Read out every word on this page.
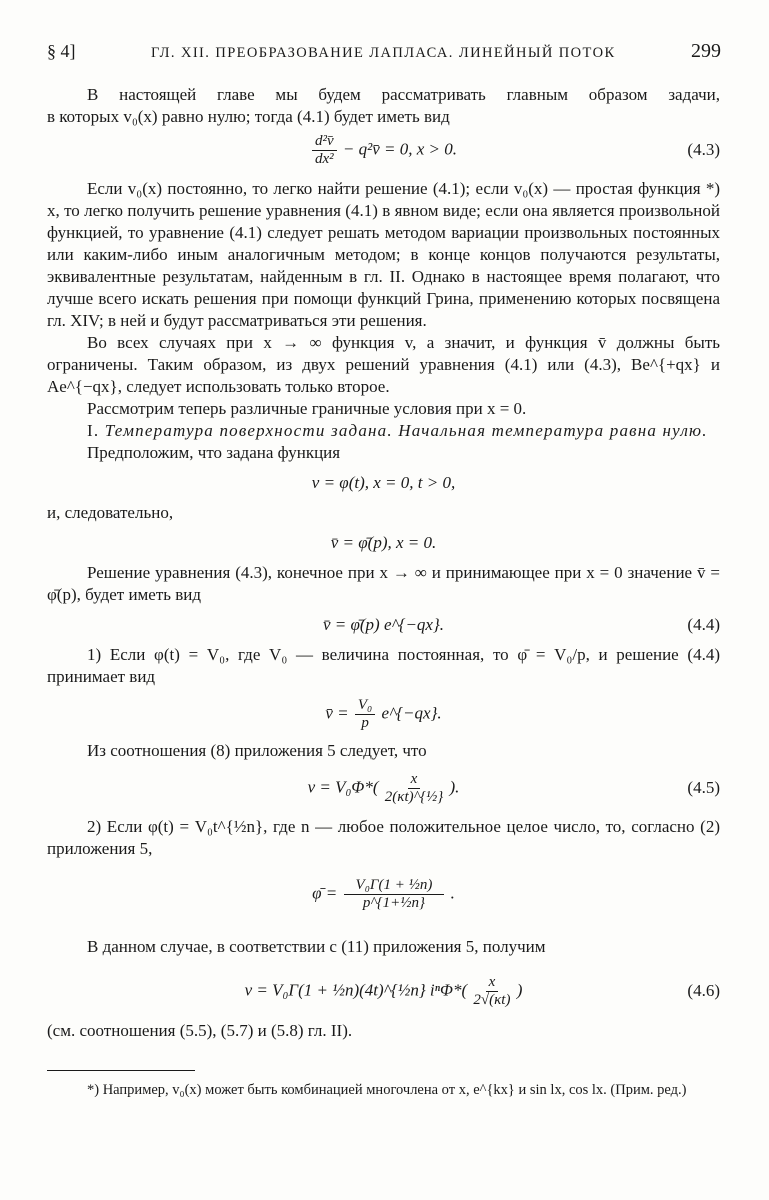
§ 4]	ГЛ. XII. ПРЕОБРАЗОВАНИЕ ЛАПЛАСА. ЛИНЕЙНЫЙ ПОТОК	299

В настоящей главе мы будем рассматривать главным образом задачи,

в которых v₀(x) равно нулю; тогда (4.1) будет иметь вид

$\frac{\text{d²v̄}}{\text{dx²}}$ − q²v̄ = 0, x > 0.	(4.3)

Если v₀(x) постоянно, то легко найти решение (4.1); если v₀(x) — простая функция *) x, то легко получить решение уравнения (4.1) в явном виде; если она является произвольной функцией, то уравнение (4.1) следует решать методом вариации произвольных постоянных или каким-либо иным аналогичным методом; в конце концов получаются результаты, эквивалентные результатам, найденным в гл. II. Однако в настоящее время полагают, что лучше всего искать решения при помощи функций Грина, применению которых посвящена гл. XIV; в ней и будут рассматриваться эти решения.

Во всех случаях при x → ∞ функция v, а значит, и функция v̄ должны быть ограничены. Таким образом, из двух решений уравнения (4.1) или (4.3), Be^{+qx} и Ae^{−qx}, следует использовать только второе.

Рассмотрим теперь различные граничные условия при x = 0.

I. Температура поверхности задана. Начальная температура равна нулю.

Предположим, что задана функция

v = φ(t), x = 0, t > 0,

и, следовательно,

v̄ = φ̄(p), x = 0.

Решение уравнения (4.3), конечное при x → ∞ и принимающее при x = 0 значение v̄ = φ̄(p), будет иметь вид

v̄ = φ̄(p) e^{−qx}.	(4.4)

1) Если φ(t) = V₀, где V₀ — величина постоянная, то φ̄ = V₀/p, и решение (4.4) принимает вид

v̄ = $\frac{\text{V₀}}{p}$ e^{−qx}.

Из соотношения (8) приложения 5 следует, что

$v = V_0\Phi*( \frac{x}{\text{2(κt)\textasciicircum{}\{½\}}}$ ).	(4.5)

2) Если φ(t) = V₀t^{½n}, где n — любое положительное целое число, то, согласно (2) приложения 5,

φ̄ = $\frac{\text{V₀Γ(1 + ½n)}}{\text{p\textasciicircum{}\{1+½n\}}}$ .

В данном случае, в соответствии с (11) приложения 5, получим

v = V₀Γ(1 + ½n)(4t)^{½n} $i^n\Phi*( \frac{x}{2√(\kappa t)}$ )	(4.6)

(см. соотношения (5.5), (5.7) и (5.8) гл. II).

*) Например, v₀(x) может быть комбинацией многочлена от x, e^{kx} и sin lx, cos lx. (Прим. ред.)
